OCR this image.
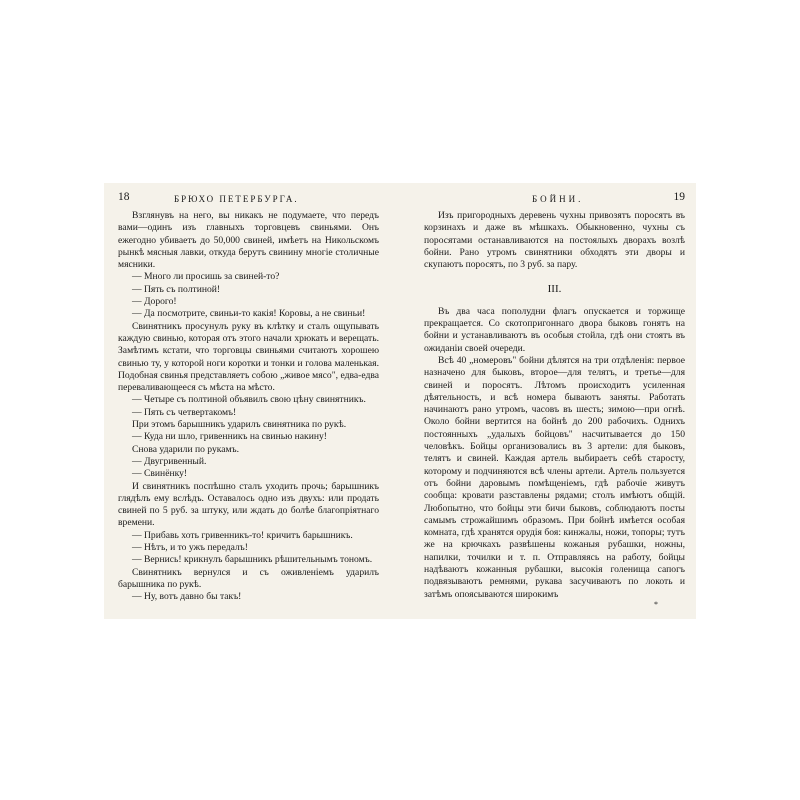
18	БРЮХО ПЕТЕРБУРГА.

Взглянувъ на него, вы никакъ не подумаете, что передъ вами—одинъ изъ главныхъ торговцевъ свиньями. Онъ ежегодно убиваетъ до 50,000 свиней, имѣетъ на Никольскомъ рынкѣ мясныя лавки, откуда берутъ свинину многіе столичные мясники.

— Много ли просишь за свиней-то?

— Пять съ полтиной!

— Дорого!

— Да посмотрите, свиньи-то какія! Коровы, а не свиньи!

Свинятникъ просунулъ руку въ клѣтку и сталъ ощупывать каждую свинью, которая отъ этого начали хрюкать и верещать. Замѣтимъ кстати, что торговцы свиньями считаютъ хорошею свинью ту, у которой ноги коротки и тонки и голова маленькая. Подобная свинья представляетъ собою „живое мясо", едва-едва переваливающееся съ мѣста на мѣсто.

— Четыре съ полтиной объявилъ свою цѣну свинятникъ.

— Пять съ четвертакомъ!

При этомъ барышникъ ударилъ свинятника по рукѣ.

— Куда ни шло, гривенникъ на свинью накину!

Снова ударили по рукамъ.

— Двугривенный.

— Свинёнку!

И свинятникъ поспѣшно сталъ уходить прочь; барышникъ глядѣлъ ему вслѣдъ. Оставалось одно изъ двухъ: или продать свиней по 5 руб. за штуку, или ждать до болѣе благопріятнаго времени.

— Прибавь хоть гривенникъ-то! кричитъ барышникъ.

— Нѣтъ, и то ужъ передалъ!

— Вернись! крикнулъ барышникъ рѣшительнымъ тономъ.

Свинятникъ вернулся и съ оживленіемъ ударилъ барышника по рукѣ.

— Ну, вотъ давно бы такъ!

БОЙНИ.	19

Изъ пригородныхъ деревень чухны привозятъ поросятъ въ корзинахъ и даже въ мѣшкахъ. Обыкновенно, чухны съ поросятами останавливаются на постоялыхъ дворахъ возлѣ бойни. Рано утромъ свинятники обходятъ эти дворы и скупаютъ поросятъ, по 3 руб. за пару.

III.

Въ два часа пополудни флагъ опускается и торжище прекращается. Со скотопригоннаго двора быковъ гонятъ на бойни и устанавливаютъ въ особыя стойла, гдѣ они стоятъ въ ожиданіи своей очереди.

Всѣ 40 „номеровъ" бойни дѣлятся на три отдѣленія: первое назначено для быковъ, второе—для телятъ, и третье—для свиней и поросятъ. Лѣтомъ происходитъ усиленная дѣятельность, и всѣ номера бываютъ заняты. Работать начинаютъ рано утромъ, часовъ въ шесть; зимою—при огнѣ. Около бойни вертится на бойнѣ до 200 рабочихъ. Однихъ постоянныхъ „удалыхъ бойцовъ" насчитывается до 150 человѣкъ. Бойцы организовались въ 3 артели: для быковъ, телятъ и свиней. Каждая артель выбираетъ себѣ старосту, которому и подчиняются всѣ члены артели. Артель пользуется отъ бойни даровымъ помѣщеніемъ, гдѣ рабочіе живутъ сообща: кровати разставлены рядами; столъ имѣютъ общій. Любопытно, что бойцы эти бичи быковъ, соблюдаютъ посты самымъ строжайшимъ образомъ. При бойнѣ имѣется особая комната, гдѣ хранятся орудія боя: кинжалы, ножи, топоры; тутъ же на крючкахъ развѣшены кожаныя рубашки, ножны, напилки, точилки и т. п. Отправляясь на работу, бойцы надѣваютъ кожанныя рубашки, высокія голенища сапогъ подвязываютъ ремнями, рукава засучиваютъ по локоть и затѣмъ опоясываются широкимъ

*
